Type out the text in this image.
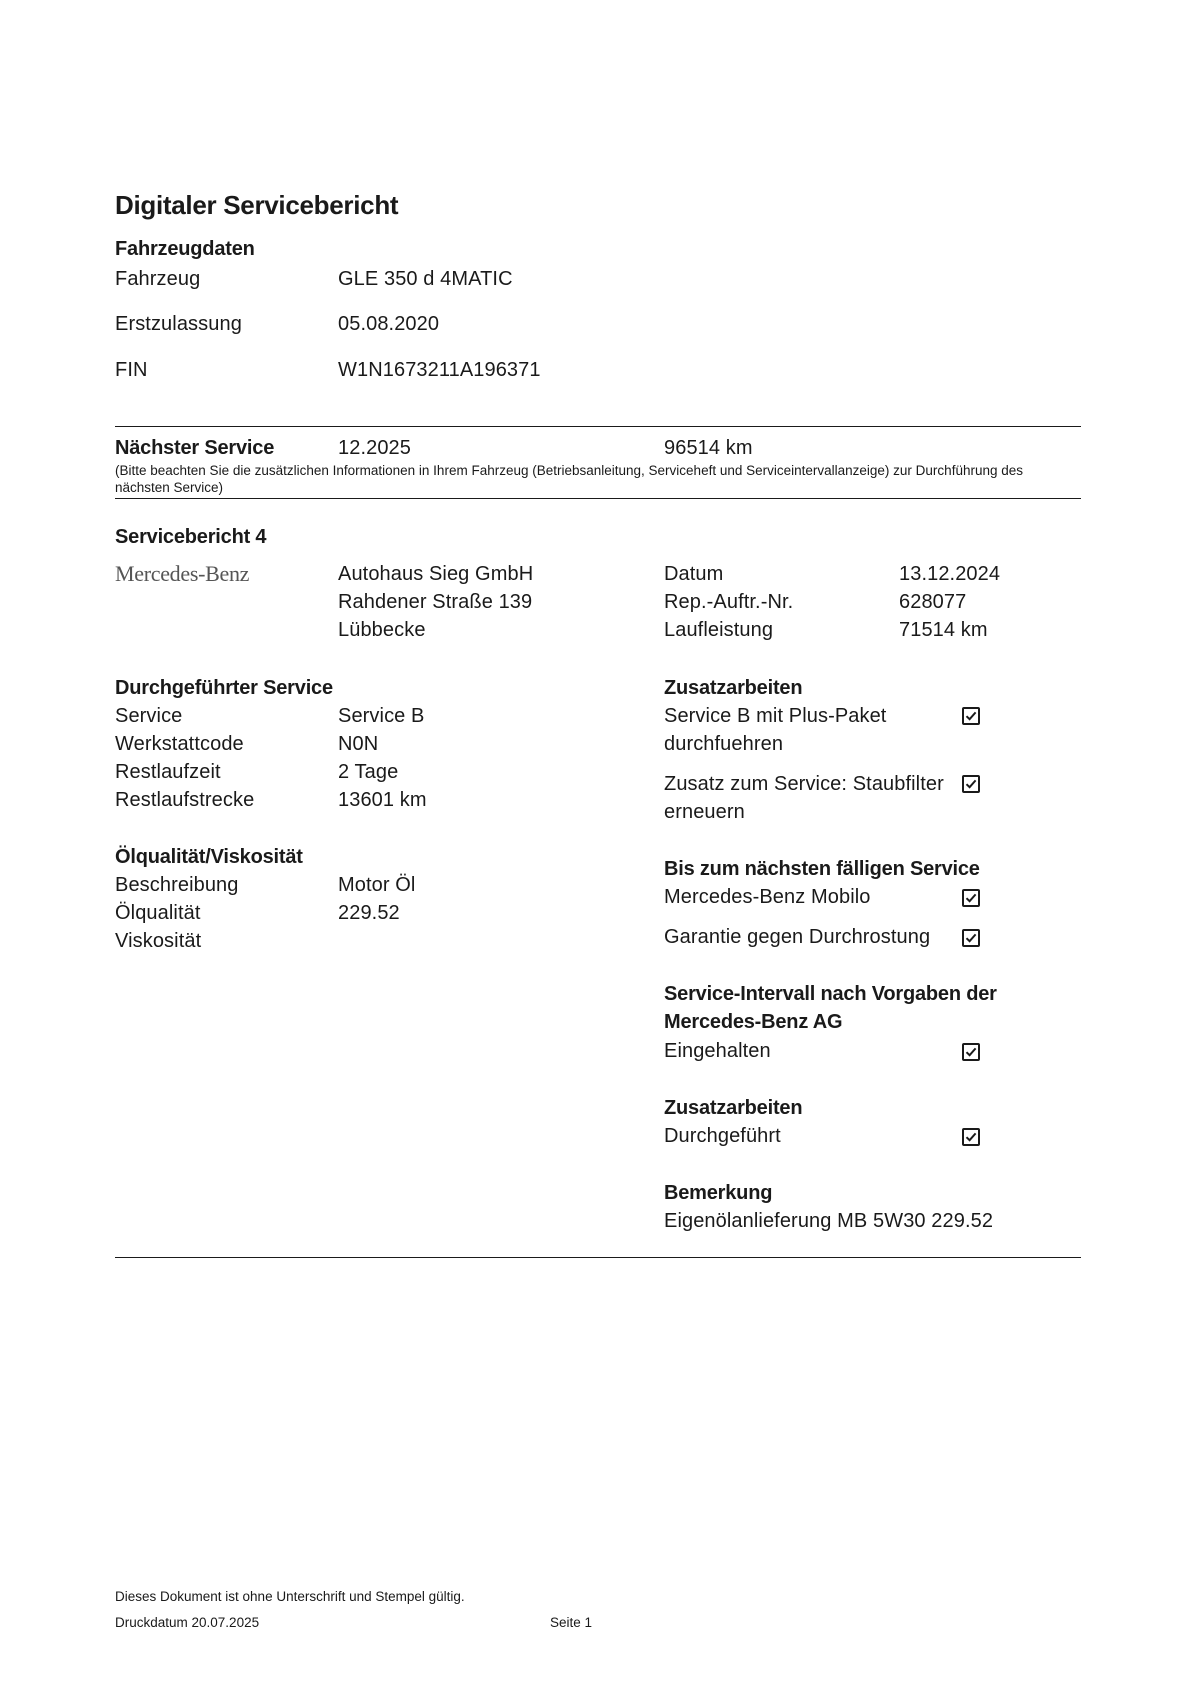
Digitaler Servicebericht
Fahrzeugdaten
Fahrzeug	GLE 350 d 4MATIC
Erstzulassung	05.08.2020
FIN	W1N1673211A196371
Nächster Service	12.2025	96514 km
(Bitte beachten Sie die zusätzlichen Informationen in Ihrem Fahrzeug (Betriebsanleitung, Serviceheft und Serviceintervallanzeige) zur Durchführung des nächsten Service)
Servicebericht 4
Mercedes-Benz	Autohaus Sieg GmbH
Rahdener Straße 139
Lübbecke
Datum	13.12.2024
Rep.-Auftr.-Nr.	628077
Laufleistung	71514 km
Durchgeführter Service
Service	Service B
Werkstattcode	N0N
Restlaufzeit	2 Tage
Restlaufstrecke	13601 km
Ölqualität/Viskosität
Beschreibung	Motor Öl
Ölqualität	229.52
Viskosität
Zusatzarbeiten
Service B mit Plus-Paket durchfuehren
Zusatz zum Service: Staubfilter erneuern
Bis zum nächsten fälligen Service
Mercedes-Benz Mobilo
Garantie gegen Durchrostung
Service-Intervall nach Vorgaben der Mercedes-Benz AG
Eingehalten
Zusatzarbeiten
Durchgeführt
Bemerkung
Eigenölanlieferung MB 5W30 229.52
Dieses Dokument ist ohne Unterschrift und Stempel gültig.
Druckdatum 20.07.2025	Seite 1
